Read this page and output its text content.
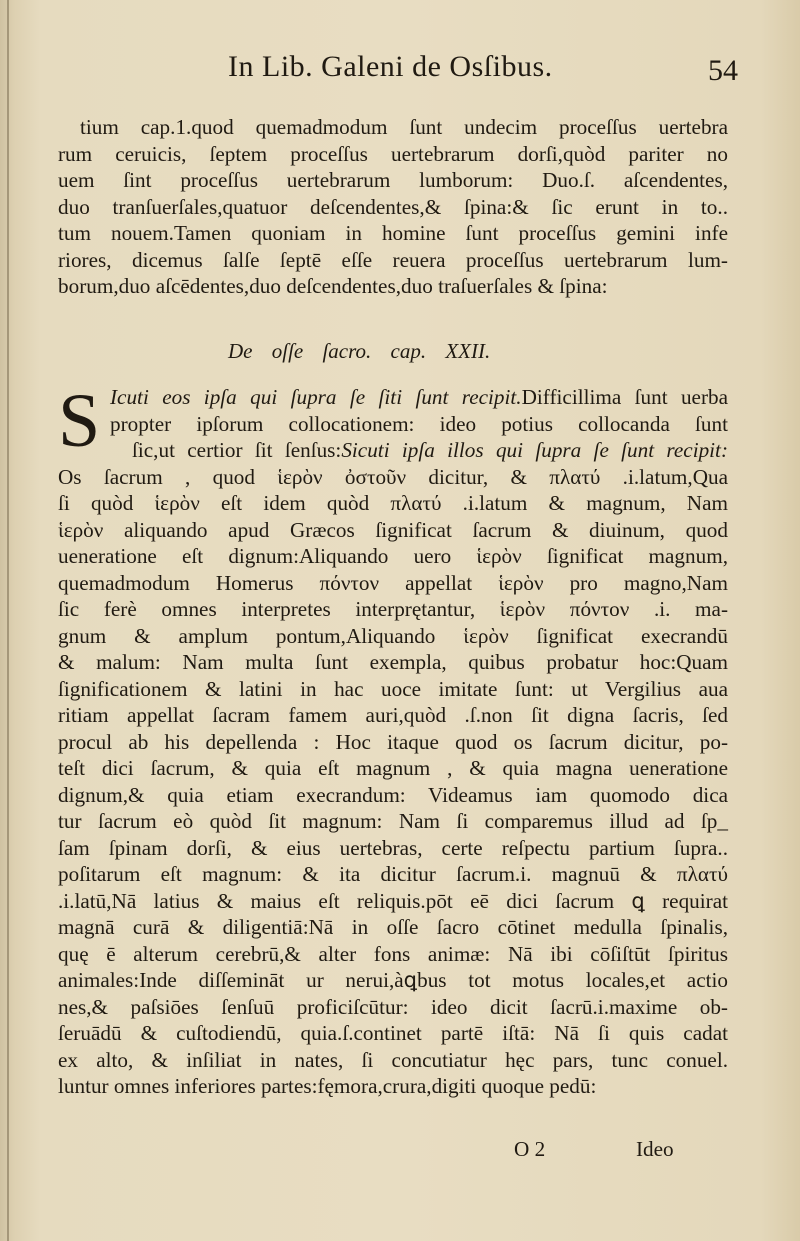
In Lib. Galeni de Osſibus.	54
tium cap.1.quod quemadmodum ſunt undecim proceſſus uertebra
rum ceruicis, ſeptem proceſſus uertebrarum dorſi,quòd pariter no
uem ſint proceſſus uertebrarum lumborum: Duo.ſ. aſcendentes,
duo tranſuerſales,quatuor deſcendentes,& ſpina:& ſic erunt in to..
tum nouem.Tamen quoniam in homine ſunt proceſſus gemini infe
riores, dicemus ſalſe ſeptē eſſe reuera proceſſus uertebrarum lum-
borum,duo aſcēdentes,duo deſcendentes,duo traſuerſales & ſpina:
De oſſe ſacro. cap. XXII.
S Icuti eos ipſa qui ſupra ſe ſiti ſunt recipit.Difficillima ſunt uerba
propter ipſorum collocationem: ideo potius collocanda ſunt
ſic,ut certior ſit ſenſus:Sicuti ipſa illos qui ſupra ſe ſunt recipit:
Os ſacrum , quod ἱερὸν ὀστοῦν dicitur, & πλατύ .i.latum,Qua
ſi quòd ἱερὸν eſt idem quòd πλατύ .i.latum & magnum, Nam
ἱερὸν aliquando apud Græcos ſignificat ſacrum & diuinum, quod
ueneratione eſt dignum:Aliquando uero ἱερὸν ſignificat magnum,
quemadmodum Homerus πόντον appellat ἱερὸν pro magno,Nam
ſic ferè omnes interpretes interprętantur, ἱερὸν πόντον .i. ma-
gnum & amplum pontum,Aliquando ἱερὸν ſignificat execrandū
& malum: Nam multa ſunt exempla, quibus probatur hoc:Quam
ſignificationem & latini in hac uoce imitate ſunt: ut Vergilius aua
ritiam appellat ſacram famem auri,quòd .ſ.non ſit digna ſacris, ſed
procul ab his depellenda : Hoc itaque quod os ſacrum dicitur, po-
teſt dici ſacrum, & quia eſt magnum , & quia magna ueneratione
dignum,& quia etiam execrandum: Videamus iam quomodo dica
tur ſacrum eò quòd ſit magnum: Nam ſi comparemus illud ad ſp_
ſam ſpinam dorſi, & eius uertebras, certe reſpectu partium ſupra..
poſitarum eſt magnum: & ita dicitur ſacrum.i. magnuū & πλατύ
.i.latū,Nā latius & maius eſt reliquis.pōt eē dici ſacrum ꝗ requirat
magnā curā & diligentiā:Nā in oſſe ſacro cōtinet medulla ſpinalis,
quę ē alterum cerebrū,& alter fons animæ: Nā ibi cōſiſtūt ſpiritus
animales:Inde diſſemināt ur nerui,àꝗbus tot motus locales,et actio
nes,& paſsiōes ſenſuū proficiſcūtur: ideo dicit ſacrū.i.maxime ob-
ſeruādū & cuſtodiendū, quia.ſ.continet partē iſtā: Nā ſi quis cadat
ex alto, & inſiliat in nates, ſi concutiatur hęc pars, tunc conuel.
luntur omnes inferiores partes:fęmora,crura,digiti quoque pedū:
O 2	Ideo
